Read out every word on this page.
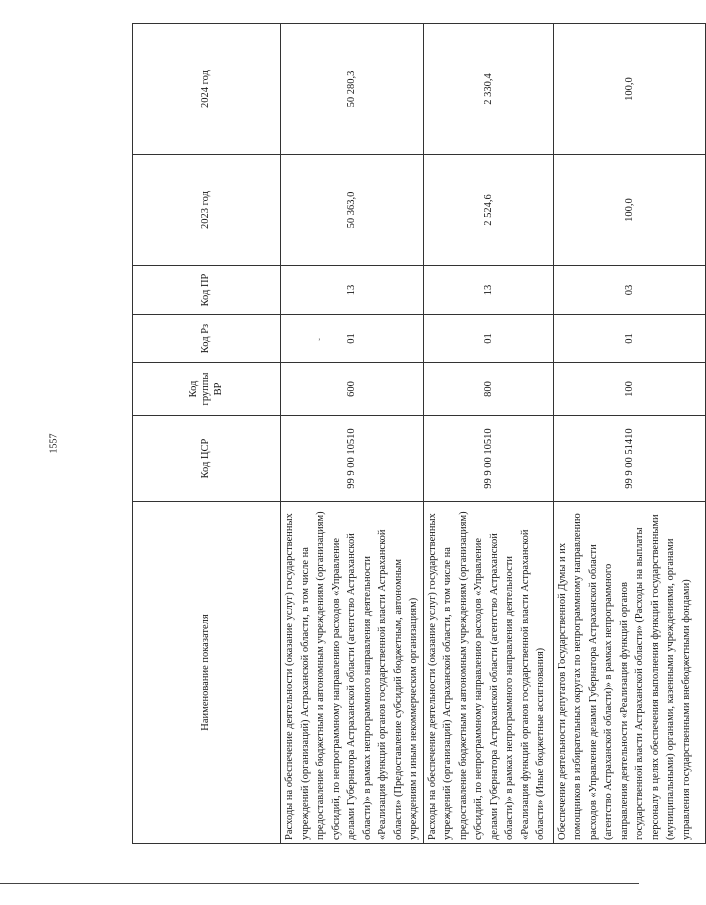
1557
’
Наименование показателя	Код ЦСР	Код группы ВР	Код Рз	Код ПР	2023 год	2024 год
Расходы на обеспечение деятельности (оказание услуг) государственных учреждений (организаций) Астраханской области, в том числе на предоставление бюджетным и автономным учреждениям (организациям) субсидий, по непрограммному направлению расходов «Управление делами Губернатора Астраханской области (агентство Астраханской области)» в рамках непрограммного направления деятельности «Реализация функций органов государственной власти Астраханской области» (Предоставление субсидий бюджетным, автономным учреждениям и иным некоммерческим организациям)	99 9 00 10510	600	01	13	50 363,0	50 280,3
Расходы на обеспечение деятельности (оказание услуг) государственных учреждений (организаций) Астраханской области, в том числе на предоставление бюджетным и автономным учреждениям (организациям) субсидий, по непрограммному направлению расходов «Управление делами Губернатора Астраханской области (агентство Астраханской области)» в рамках непрограммного направления деятельности «Реализация функций органов государственной власти Астраханской области» (Иные бюджетные ассигнования)	99 9 00 10510	800	01	13	2 524,6	2 330,4
Обеспечение деятельности депутатов Государственной Думы и их помощников в избирательных округах по непрограммному направлению расходов «Управление делами Губернатора Астраханской области (агентство Астраханской области)» в рамках непрограммного направления деятельности «Реализация функций органов государственной власти Астраханской области» (Расходы на выплаты персоналу в целях обеспечения выполнения функций государственными (муниципальными) органами, казенными учреждениями, органами управления государственными внебюджетными фондами)	99 9 00 51410	100	01	03	100,0	100,0
